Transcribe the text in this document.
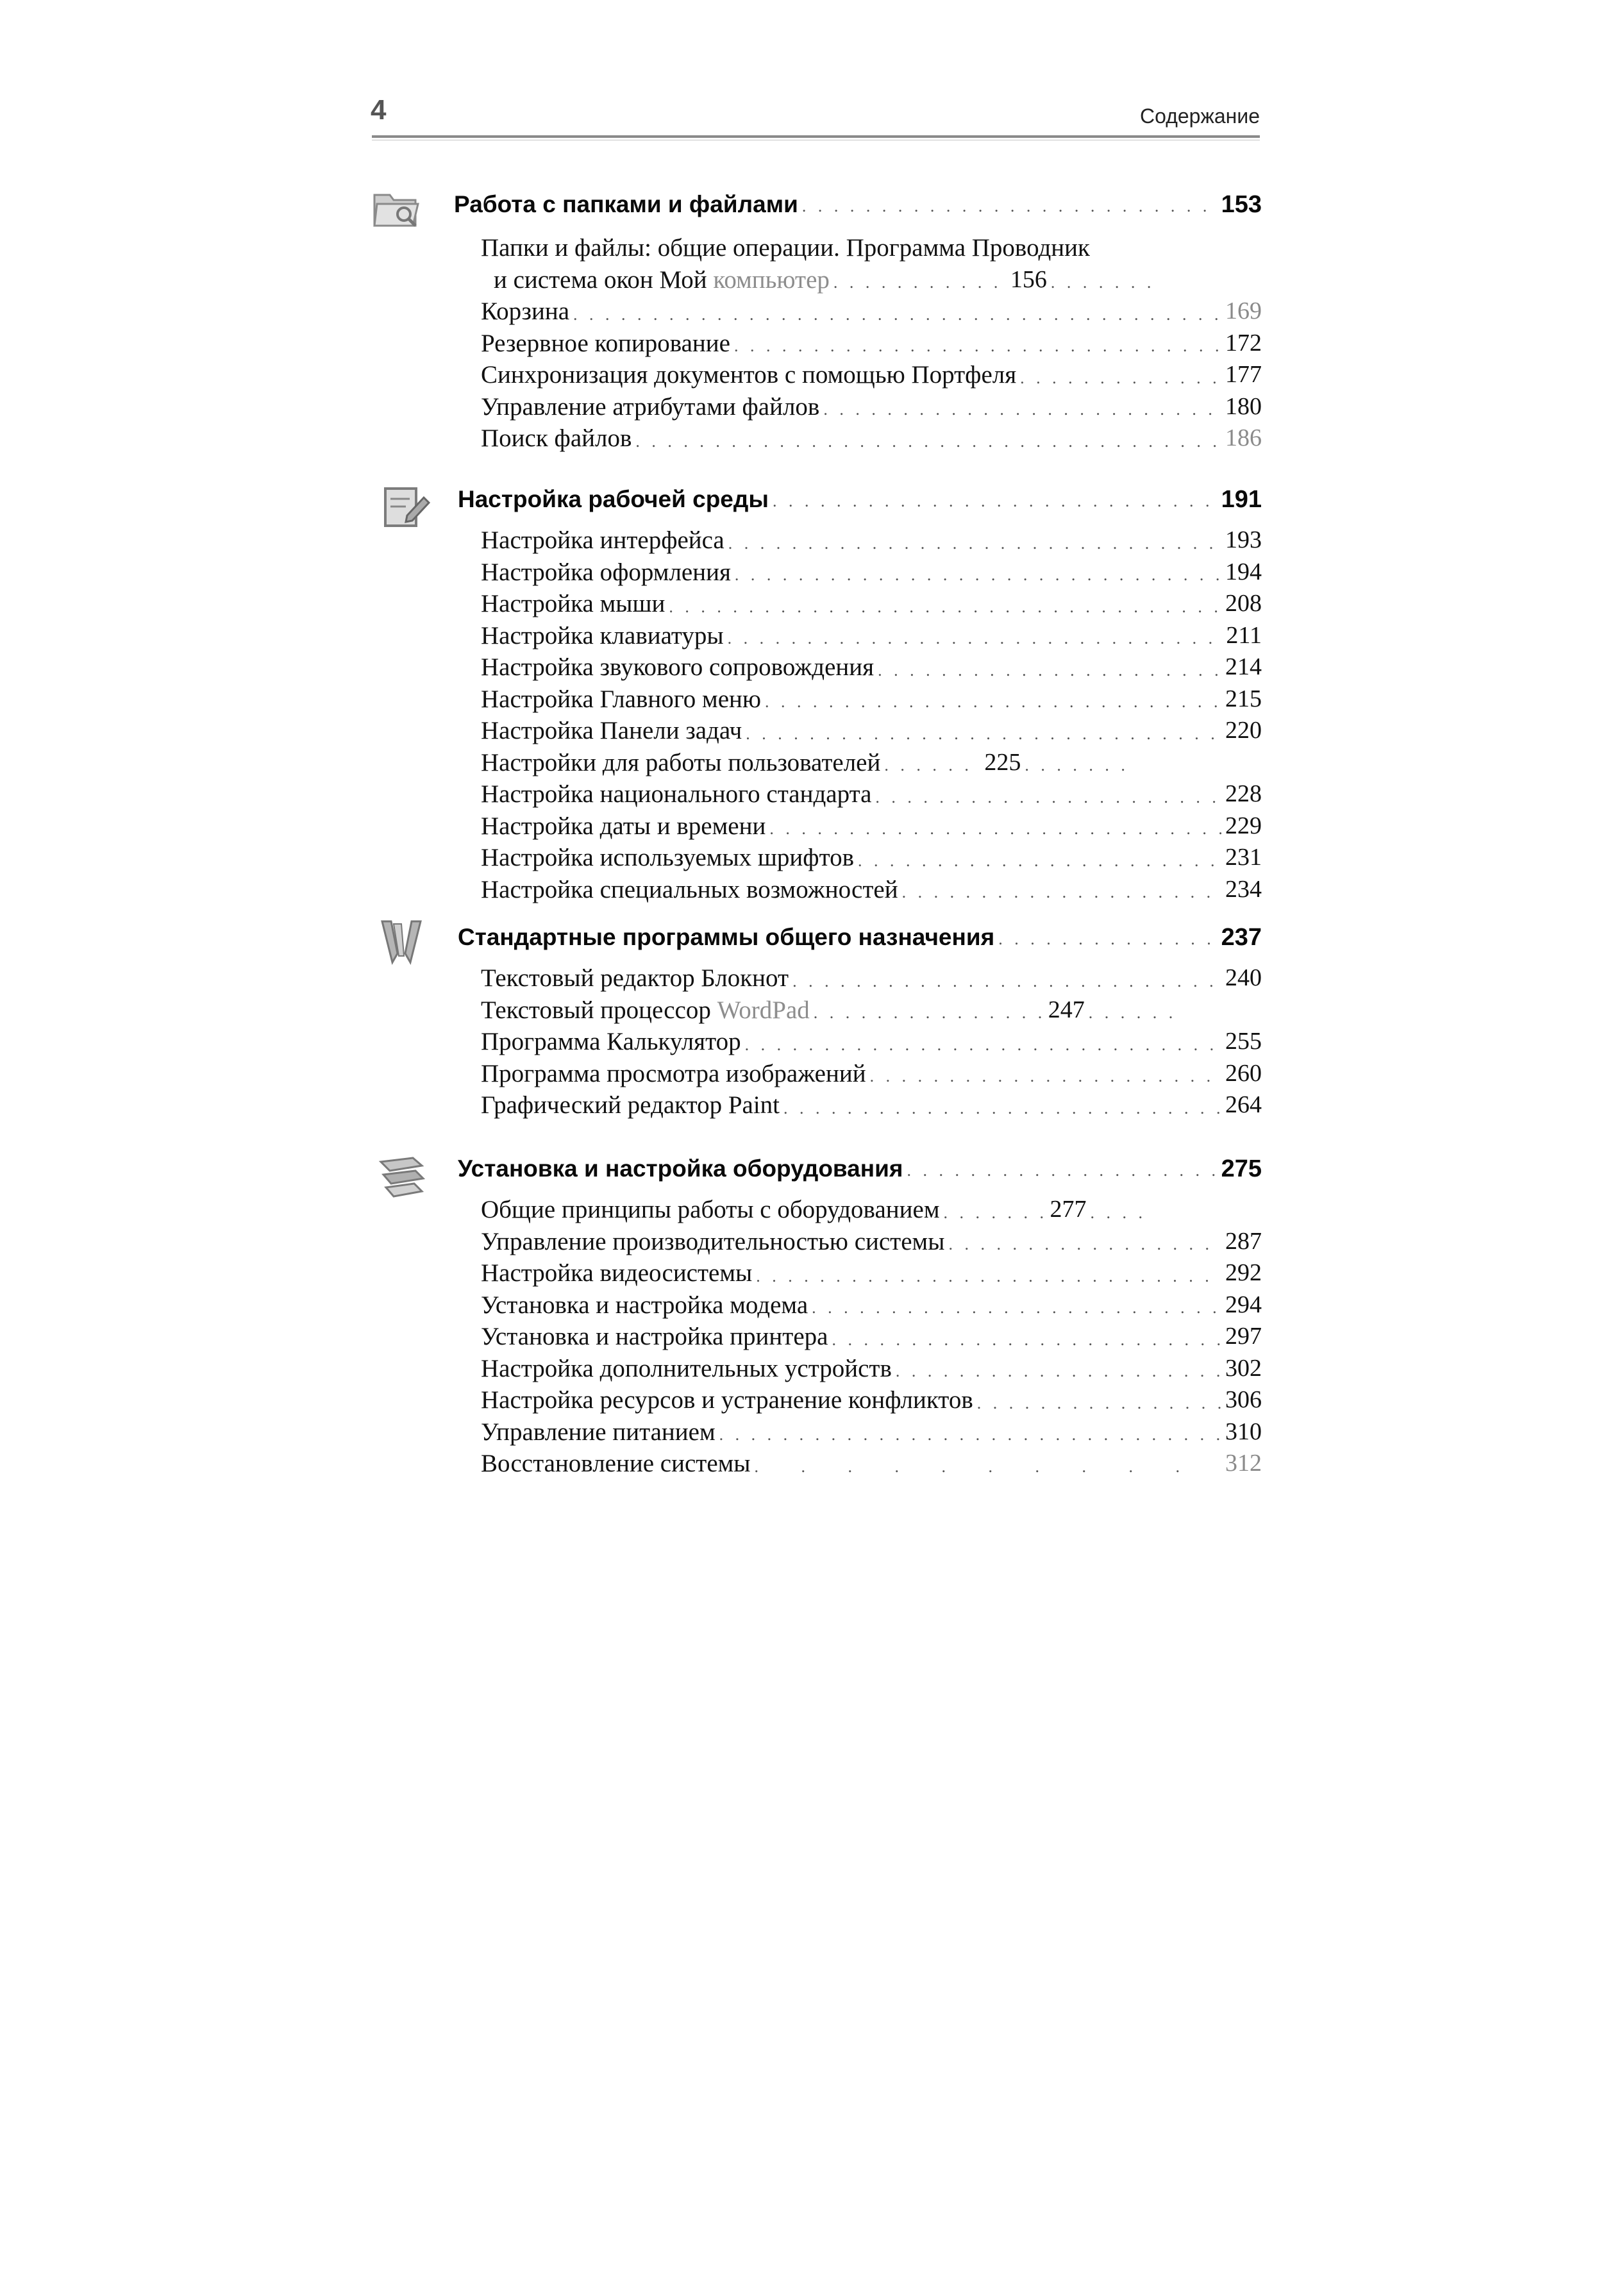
4	Содержание
Работа с папками и файлами . . .	153
Папки и файлы: общие операции. Программа Проводник
и система окон Мой компьютер . . .	156
. . .
Корзина . . .	169
Резервное копирование . . .	172
Синхронизация документов с помощью Портфеля . . .	177
Управление атрибутами файлов . . .	180
Поиск файлов . . .	186
Настройка рабочей среды . . .	191
Настройка интерфейса . . .	193
Настройка оформления . . .	194
Настройка мыши . . .	208
Настройка клавиатуры . . .	211
Настройка звукового сопровождения . . .	214
Настройка Главного меню . . .	215
Настройка Панели задач . . .	220
Настройки для работы пользователей . . .	225
. . .
Настройка национального стандарта . . .	228
Настройка даты и времени . . .	229
Настройка используемых шрифтов . . .	231
Настройка специальных возможностей . . .	234
Стандартные программы общего назначения . . .	237
Текстовый редактор Блокнот . . .	240
Текстовый процессор WordPad . . .	247
. . .
Программа Калькулятор . . .	255
Программа просмотра изображений . . .	260
Графический редактор Paint . . .	264
Установка и настройка оборудования . . .	275
Общие принципы работы с оборудованием . . .	277
. . .
Управление производительностью системы . . .	287
Настройка видеосистемы . . .	292
Установка и настройка модема . . .	294
Установка и настройка принтера . . .	297
Настройка дополнительных устройств . . .	302
Настройка ресурсов и устранение конфликтов . . .	306
Управление питанием . . .	310
Восстановление системы . . .	312
